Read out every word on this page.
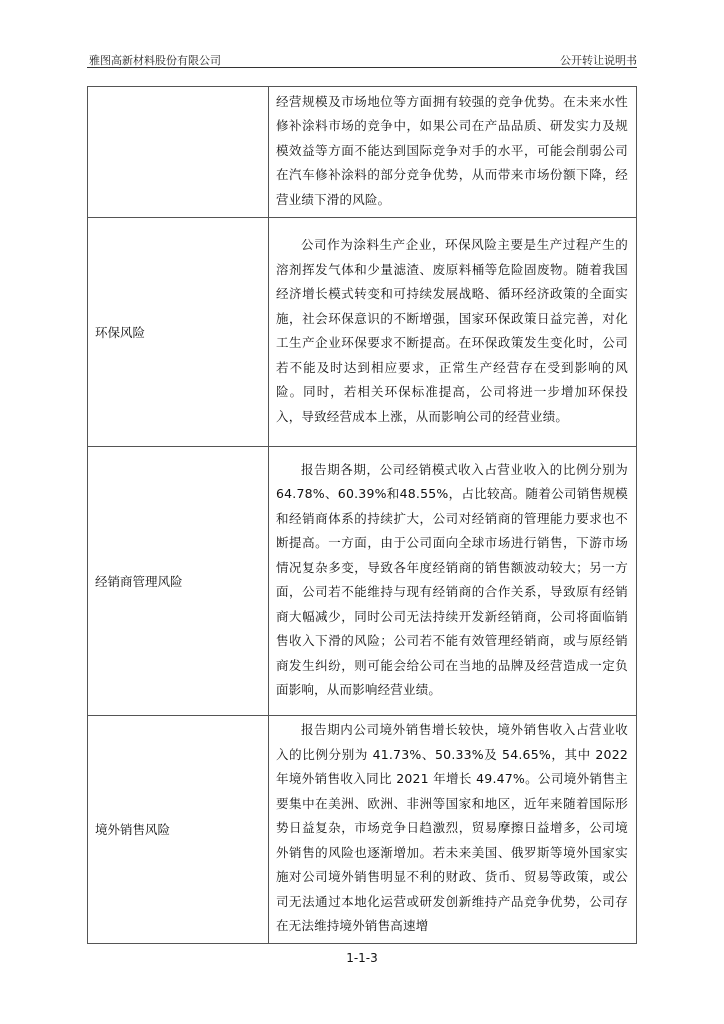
雅图高新材料股份有限公司	公开转让说明书

	经营规模及市场地位等方面拥有较强的竞争优势。在未来水性修补涂料市场的竞争中，如果公司在产品品质、研发实力及规模效益等方面不能达到国际竞争对手的水平，可能会削弱公司在汽车修补涂料的部分竞争优势，从而带来市场份额下降，经营业绩下滑的风险。

环保风险	公司作为涂料生产企业，环保风险主要是生产过程产生的溶剂挥发气体和少量滤渣、废原料桶等危险固废物。随着我国经济增长模式转变和可持续发展战略、循环经济政策的全面实施，社会环保意识的不断增强，国家环保政策日益完善，对化工生产企业环保要求不断提高。在环保政策发生变化时，公司若不能及时达到相应要求，正常生产经营存在受到影响的风险。同时，若相关环保标准提高，公司将进一步增加环保投入，导致经营成本上涨，从而影响公司的经营业绩。

经销商管理风险	报告期各期，公司经销模式收入占营业收入的比例分别为64.78%、60.39%和48.55%，占比较高。随着公司销售规模和经销商体系的持续扩大，公司对经销商的管理能力要求也不断提高。一方面，由于公司面向全球市场进行销售，下游市场情况复杂多变，导致各年度经销商的销售额波动较大；另一方面，公司若不能维持与现有经销商的合作关系，导致原有经销商大幅减少，同时公司无法持续开发新经销商，公司将面临销售收入下滑的风险；公司若不能有效管理经销商，或与原经销商发生纠纷，则可能会给公司在当地的品牌及经营造成一定负面影响，从而影响经营业绩。

境外销售风险	报告期内公司境外销售增长较快，境外销售收入占营业收入的比例分别为 41.73%、50.33%及 54.65%，其中 2022 年境外销售收入同比 2021 年增长 49.47%。公司境外销售主要集中在美洲、欧洲、非洲等国家和地区，近年来随着国际形势日益复杂，市场竞争日趋激烈，贸易摩擦日益增多，公司境外销售的风险也逐渐增加。若未来美国、俄罗斯等境外国家实施对公司境外销售明显不利的财政、货币、贸易等政策，或公司无法通过本地化运营或研发创新维持产品竞争优势，公司存在无法维持境外销售高速增

1-1-3
